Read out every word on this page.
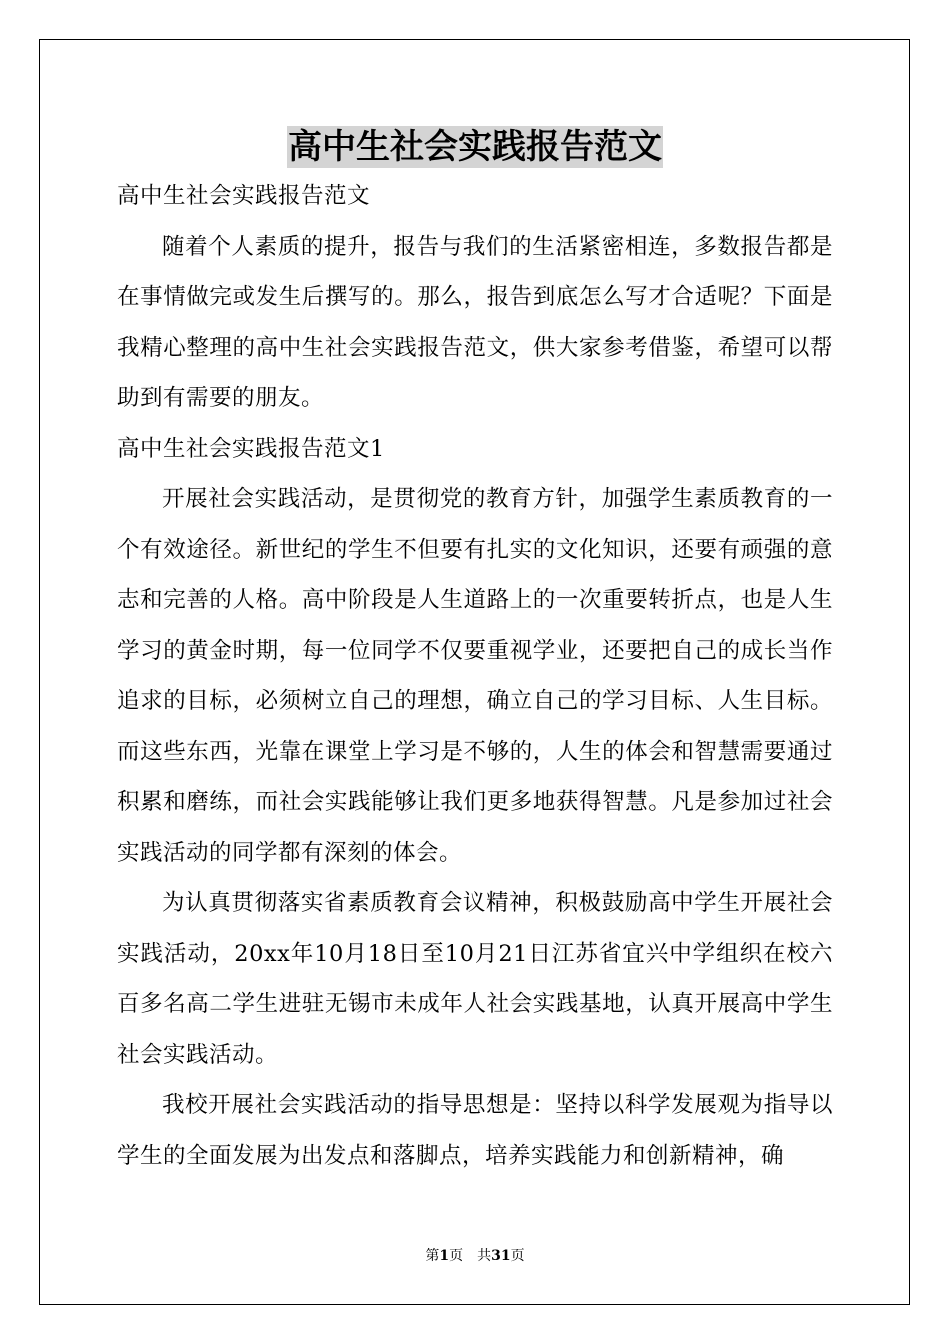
高中生社会实践报告范文

高中生社会实践报告范文

随着个人素质的提升，报告与我们的生活紧密相连，多数报告都是在事情做完或发生后撰写的。那么，报告到底怎么写才合适呢？下面是我精心整理的高中生社会实践报告范文，供大家参考借鉴，希望可以帮助到有需要的朋友。

高中生社会实践报告范文1

开展社会实践活动，是贯彻党的教育方针，加强学生素质教育的一个有效途径。新世纪的学生不但要有扎实的文化知识，还要有顽强的意志和完善的人格。高中阶段是人生道路上的一次重要转折点，也是人生学习的黄金时期，每一位同学不仅要重视学业，还要把自己的成长当作追求的目标，必须树立自己的理想，确立自己的学习目标、人生目标。而这些东西，光靠在课堂上学习是不够的，人生的体会和智慧需要通过积累和磨练，而社会实践能够让我们更多地获得智慧。凡是参加过社会实践活动的同学都有深刻的体会。

为认真贯彻落实省素质教育会议精神，积极鼓励高中学生开展社会实践活动，20xx年10月18日至10月21日江苏省宜兴中学组织在校六百多名高二学生进驻无锡市未成年人社会实践基地，认真开展高中学生社会实践活动。

我校开展社会实践活动的指导思想是：坚持以科学发展观为指导以学生的全面发展为出发点和落脚点，培养实践能力和创新精神，确

第1页　共31页
